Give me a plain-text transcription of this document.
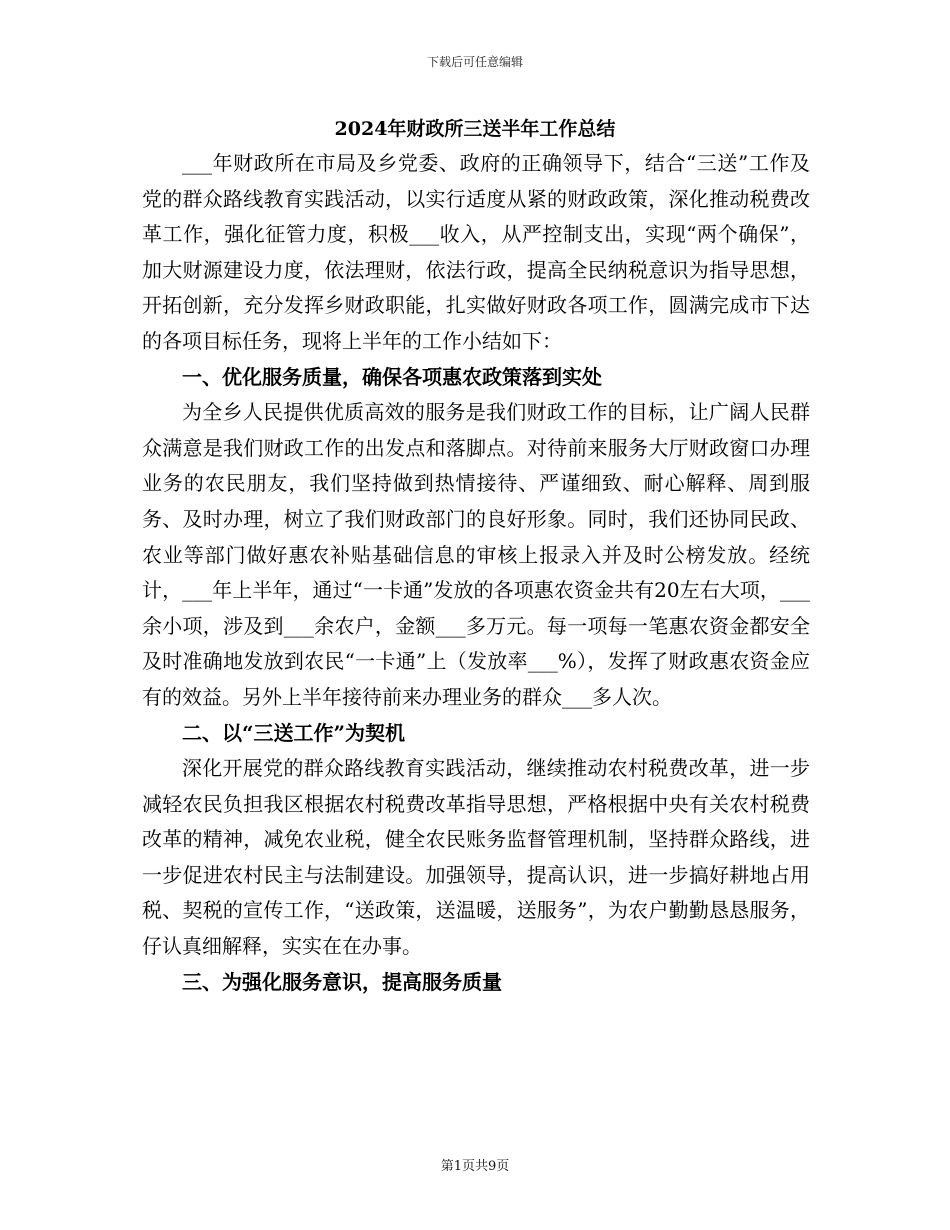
下载后可任意编辑
2024年财政所三送半年工作总结

___年财政所在市局及乡党委、政府的正确领导下，结合“三送”工作及党的群众路线教育实践活动，以实行适度从紧的财政政策，深化推动税费改革工作，强化征管力度，积极___收入，从严控制支出，实现“两个确保”，加大财源建设力度，依法理财，依法行政，提高全民纳税意识为指导思想，开拓创新，充分发挥乡财政职能，扎实做好财政各项工作，圆满完成市下达的各项目标任务，现将上半年的工作小结如下：

一、优化服务质量，确保各项惠农政策落到实处

为全乡人民提供优质高效的服务是我们财政工作的目标，让广阔人民群众满意是我们财政工作的出发点和落脚点。对待前来服务大厅财政窗口办理业务的农民朋友，我们坚持做到热情接待、严谨细致、耐心解释、周到服务、及时办理，树立了我们财政部门的良好形象。同时，我们还协同民政、农业等部门做好惠农补贴基础信息的审核上报录入并及时公榜发放。经统计，___年上半年，通过“一卡通”发放的各项惠农资金共有20左右大项，___余小项，涉及到___余农户，金额___多万元。每一项每一笔惠农资金都安全及时准确地发放到农民“一卡通”上（发放率___%），发挥了财政惠农资金应有的效益。另外上半年接待前来办理业务的群众___多人次。

二、以“三送工作”为契机

深化开展党的群众路线教育实践活动，继续推动农村税费改革，进一步减轻农民负担我区根据农村税费改革指导思想，严格根据中央有关农村税费改革的精神，减免农业税，健全农民账务监督管理机制，坚持群众路线，进一步促进农村民主与法制建设。加强领导，提高认识，进一步搞好耕地占用税、契税的宣传工作，“送政策，送温暖，送服务”，为农户勤勤恳恳服务，仔认真细解释，实实在在办事。

三、为强化服务意识，提高服务质量
第1页共9页
